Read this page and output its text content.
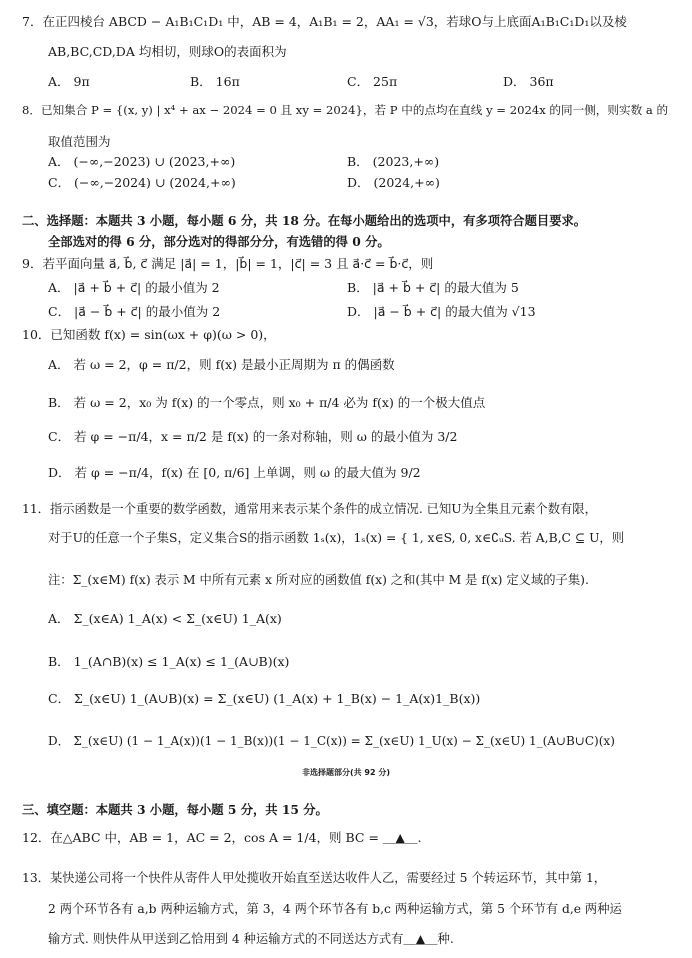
7．在正四棱台 ABCD − A₁B₁C₁D₁ 中，AB = 4，A₁B₁ = 2，AA₁ = √3，若球O与上底面A₁B₁C₁D₁以及棱
AB,BC,CD,DA 均相切，则球O的表面积为
A． 9π	B． 16π	C． 25π	D． 36π
8．已知集合 P = {(x, y) | x⁴ + ax − 2024 = 0 且 xy = 2024}，若 P 中的点均在直线 y = 2024x 的同一侧，则实数 a 的
取值范围为
A． (−∞,−2023) ∪ (2023,+∞)	B． (2023,+∞)
C． (−∞,−2024) ∪ (2024,+∞)	D． (2024,+∞)
二、选择题：本题共 3 小题，每小题 6 分，共 18 分。在每小题给出的选项中，有多项符合题目要求。
全部选对的得 6 分，部分选对的得部分分，有选错的得 0 分。
9．若平面向量 a⃗, b⃗, c⃗ 满足 |a⃗| = 1，|b⃗| = 1，|c⃗| = 3 且 a⃗·c⃗ = b⃗·c⃗，则
A． |a⃗ + b⃗ + c⃗| 的最小值为 2	B． |a⃗ + b⃗ + c⃗| 的最大值为 5
C． |a⃗ − b⃗ + c⃗| 的最小值为 2	D． |a⃗ − b⃗ + c⃗| 的最大值为 √13
10．已知函数 f(x) = sin(ωx + φ)(ω > 0)，
A． 若 ω = 2，φ = π/2，则 f(x) 是最小正周期为 π 的偶函数
B． 若 ω = 2，x₀ 为 f(x) 的一个零点，则 x₀ + π/4 必为 f(x) 的一个极大值点
C． 若 φ = −π/4，x = π/2 是 f(x) 的一条对称轴，则 ω 的最小值为 3/2
D． 若 φ = −π/4，f(x) 在 [0, π/6] 上单调，则 ω 的最大值为 9/2
11．指示函数是一个重要的数学函数，通常用来表示某个条件的成立情况. 已知U为全集且元素个数有限，
对于U的任意一个子集S，定义集合S的指示函数 1ₛ(x)，1ₛ(x) = { 1, x∈S, 0, x∈∁ᵤS. 若 A,B,C ⊆ U，则
注：Σ_(x∈M) f(x) 表示 M 中所有元素 x 所对应的函数值 f(x) 之和(其中 M 是 f(x) 定义域的子集).
A． Σ_(x∈A) 1_A(x) < Σ_(x∈U) 1_A(x)
B． 1_(A∩B)(x) ≤ 1_A(x) ≤ 1_(A∪B)(x)
C． Σ_(x∈U) 1_(A∪B)(x) = Σ_(x∈U) (1_A(x) + 1_B(x) − 1_A(x)1_B(x))
D． Σ_(x∈U) (1 − 1_A(x))(1 − 1_B(x))(1 − 1_C(x)) = Σ_(x∈U) 1_U(x) − Σ_(x∈U) 1_(A∪B∪C)(x)
非选择题部分(共 92 分)
三、填空题：本题共 3 小题，每小题 5 分，共 15 分。
12．在△ABC 中，AB = 1，AC = 2，cos A = 1/4，则 BC = ＿▲＿.
13．某快递公司将一个快件从寄件人甲处揽收开始直至送达收件人乙，需要经过 5 个转运环节，其中第 1，
2 两个环节各有 a,b 两种运输方式，第 3，4 两个环节各有 b,c 两种运输方式，第 5 个环节有 d,e 两种运
输方式. 则快件从甲送到乙恰用到 4 种运输方式的不同送达方式有＿▲＿种.
